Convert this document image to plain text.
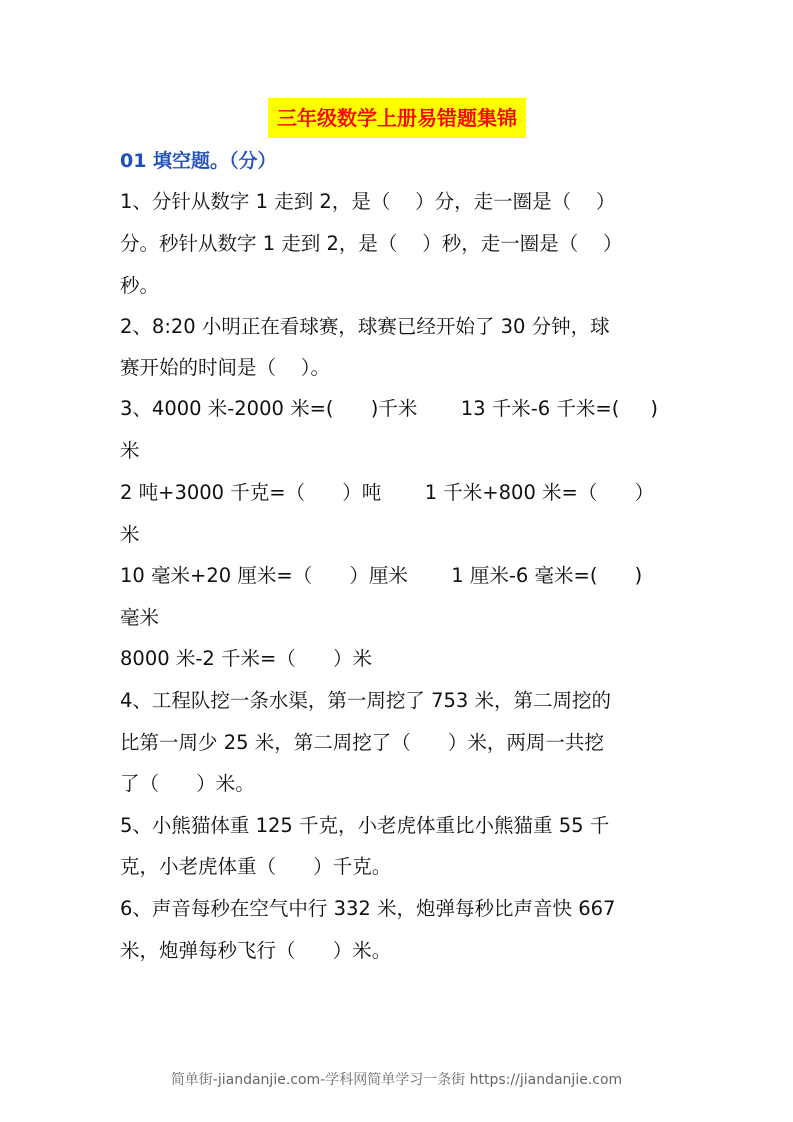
三年级数学上册易错题集锦
01 填空题。（分）
1、分针从数字 1 走到 2，是（    ）分，走一圈是（    ）
分。秒针从数字 1 走到 2，是（    ）秒，走一圈是（    ）
秒。
2、8:20 小明正在看球赛，球赛已经开始了 30 分钟，球
赛开始的时间是（    ）。
3、4000 米-2000 米=(      )千米       13 千米-6 千米=(     )
米
2 吨+3000 千克=（      ）吨       1 千米+800 米=（      ）
米
10 毫米+20 厘米=（      ）厘米       1 厘米-6 毫米=(      )
毫米
8000 米-2 千米=（      ）米
4、工程队挖一条水渠，第一周挖了 753 米，第二周挖的
比第一周少 25 米，第二周挖了（      ）米，两周一共挖
了（      ）米。
5、小熊猫体重 125 千克，小老虎体重比小熊猫重 55 千
克，小老虎体重（      ）千克。
6、声音每秒在空气中行 332 米，炮弹每秒比声音快 667
米，炮弹每秒飞行（      ）米。
简单街-jiandanjie.com-学科网简单学习一条街 https://jiandanjie.com
